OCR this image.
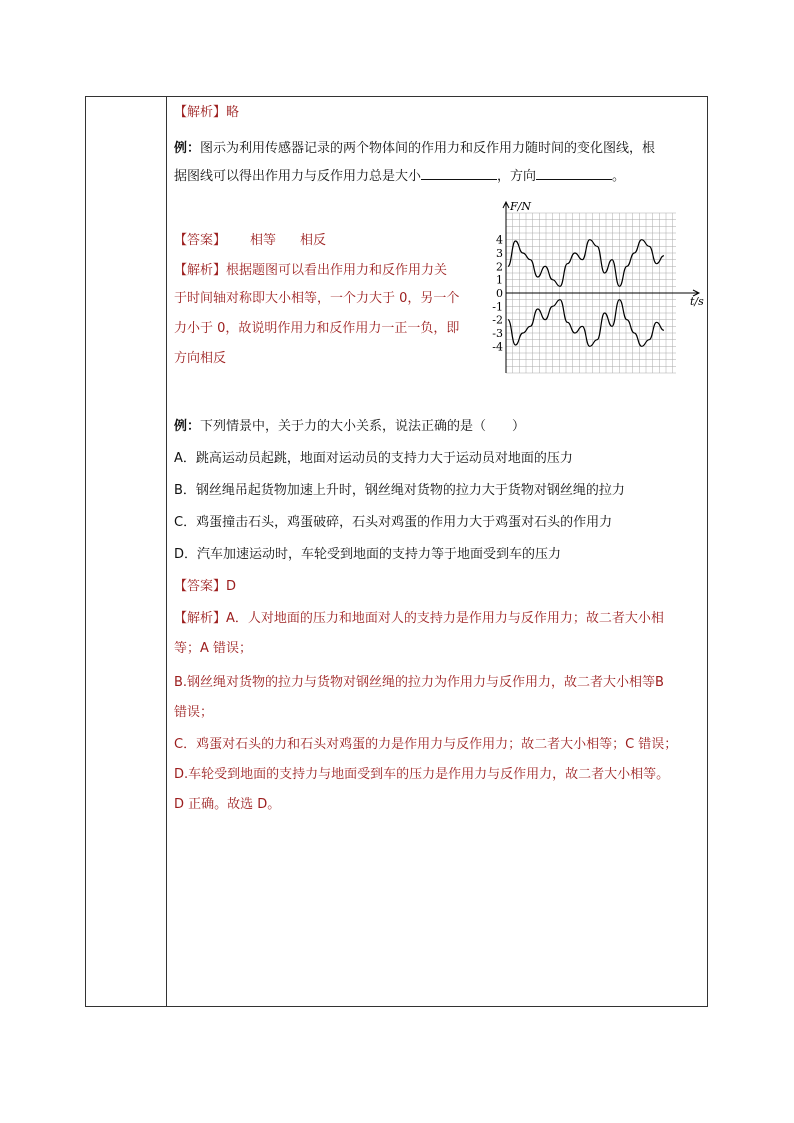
【解析】略
例：图示为利用传感器记录的两个物体间的作用力和反作用力随时间的变化图线，根
据图线可以得出作用力与反作用力总是大小	，方向	。
【答案】 相等 相反
【解析】根据题图可以看出作用力和反作用力关
于时间轴对称即大小相等，一个力大于 0，另一个
力小于 0，故说明作用力和反作用力一正一负，即
方向相反
F/N
t/s
4
3
2
1
0
-1
-2
-3
-4
例：下列情景中，关于力的大小关系，说法正确的是（　　）
A．跳高运动员起跳，地面对运动员的支持力大于运动员对地面的压力
B．钢丝绳吊起货物加速上升时，钢丝绳对货物的拉力大于货物对钢丝绳的拉力
C．鸡蛋撞击石头，鸡蛋破碎，石头对鸡蛋的作用力大于鸡蛋对石头的作用力
D．汽车加速运动时，车轮受到地面的支持力等于地面受到车的压力
【答案】D
【解析】A．人对地面的压力和地面对人的支持力是作用力与反作用力；故二者大小相
等；A 错误；
B.钢丝绳对货物的拉力与货物对钢丝绳的拉力为作用力与反作用力，故二者大小相等B
错误；
C．鸡蛋对石头的力和石头对鸡蛋的力是作用力与反作用力；故二者大小相等；C 错误；
D.车轮受到地面的支持力与地面受到车的压力是作用力与反作用力，故二者大小相等。
D 正确。故选 D。
